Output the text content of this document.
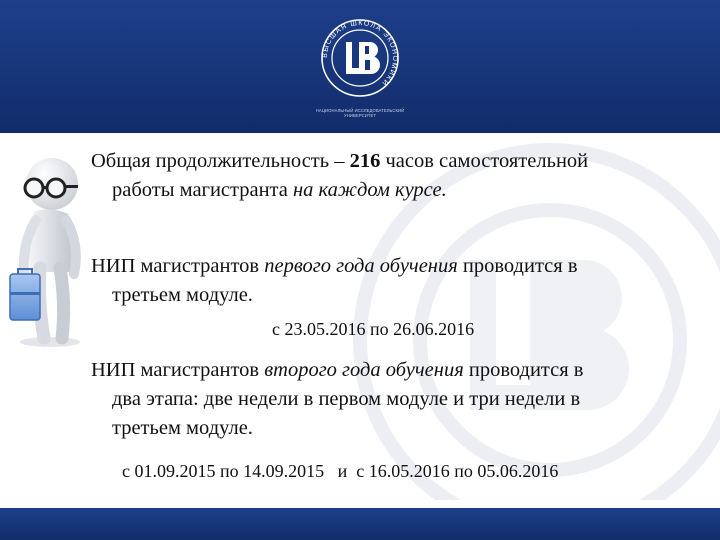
ВЫСШАЯ ШКОЛА ЭКОНОМИКИ
НАЦИОНАЛЬНЫЙ ИССЛЕДОВАТЕЛЬСКИЙ УНИВЕРСИТЕТ
Общая продолжительность – 216 часов самостоятельной
работы магистранта на каждом курсе.
НИП магистрантов первого года обучения проводится в
третьем модуле.
с 23.05.2016 по 26.06.2016
НИП магистрантов второго года обучения проводится в
два этапа: две недели в первом модуле и три недели в
третьем модуле.
с 01.09.2015 по 14.09.2015   и  с 16.05.2016 по 05.06.2016
